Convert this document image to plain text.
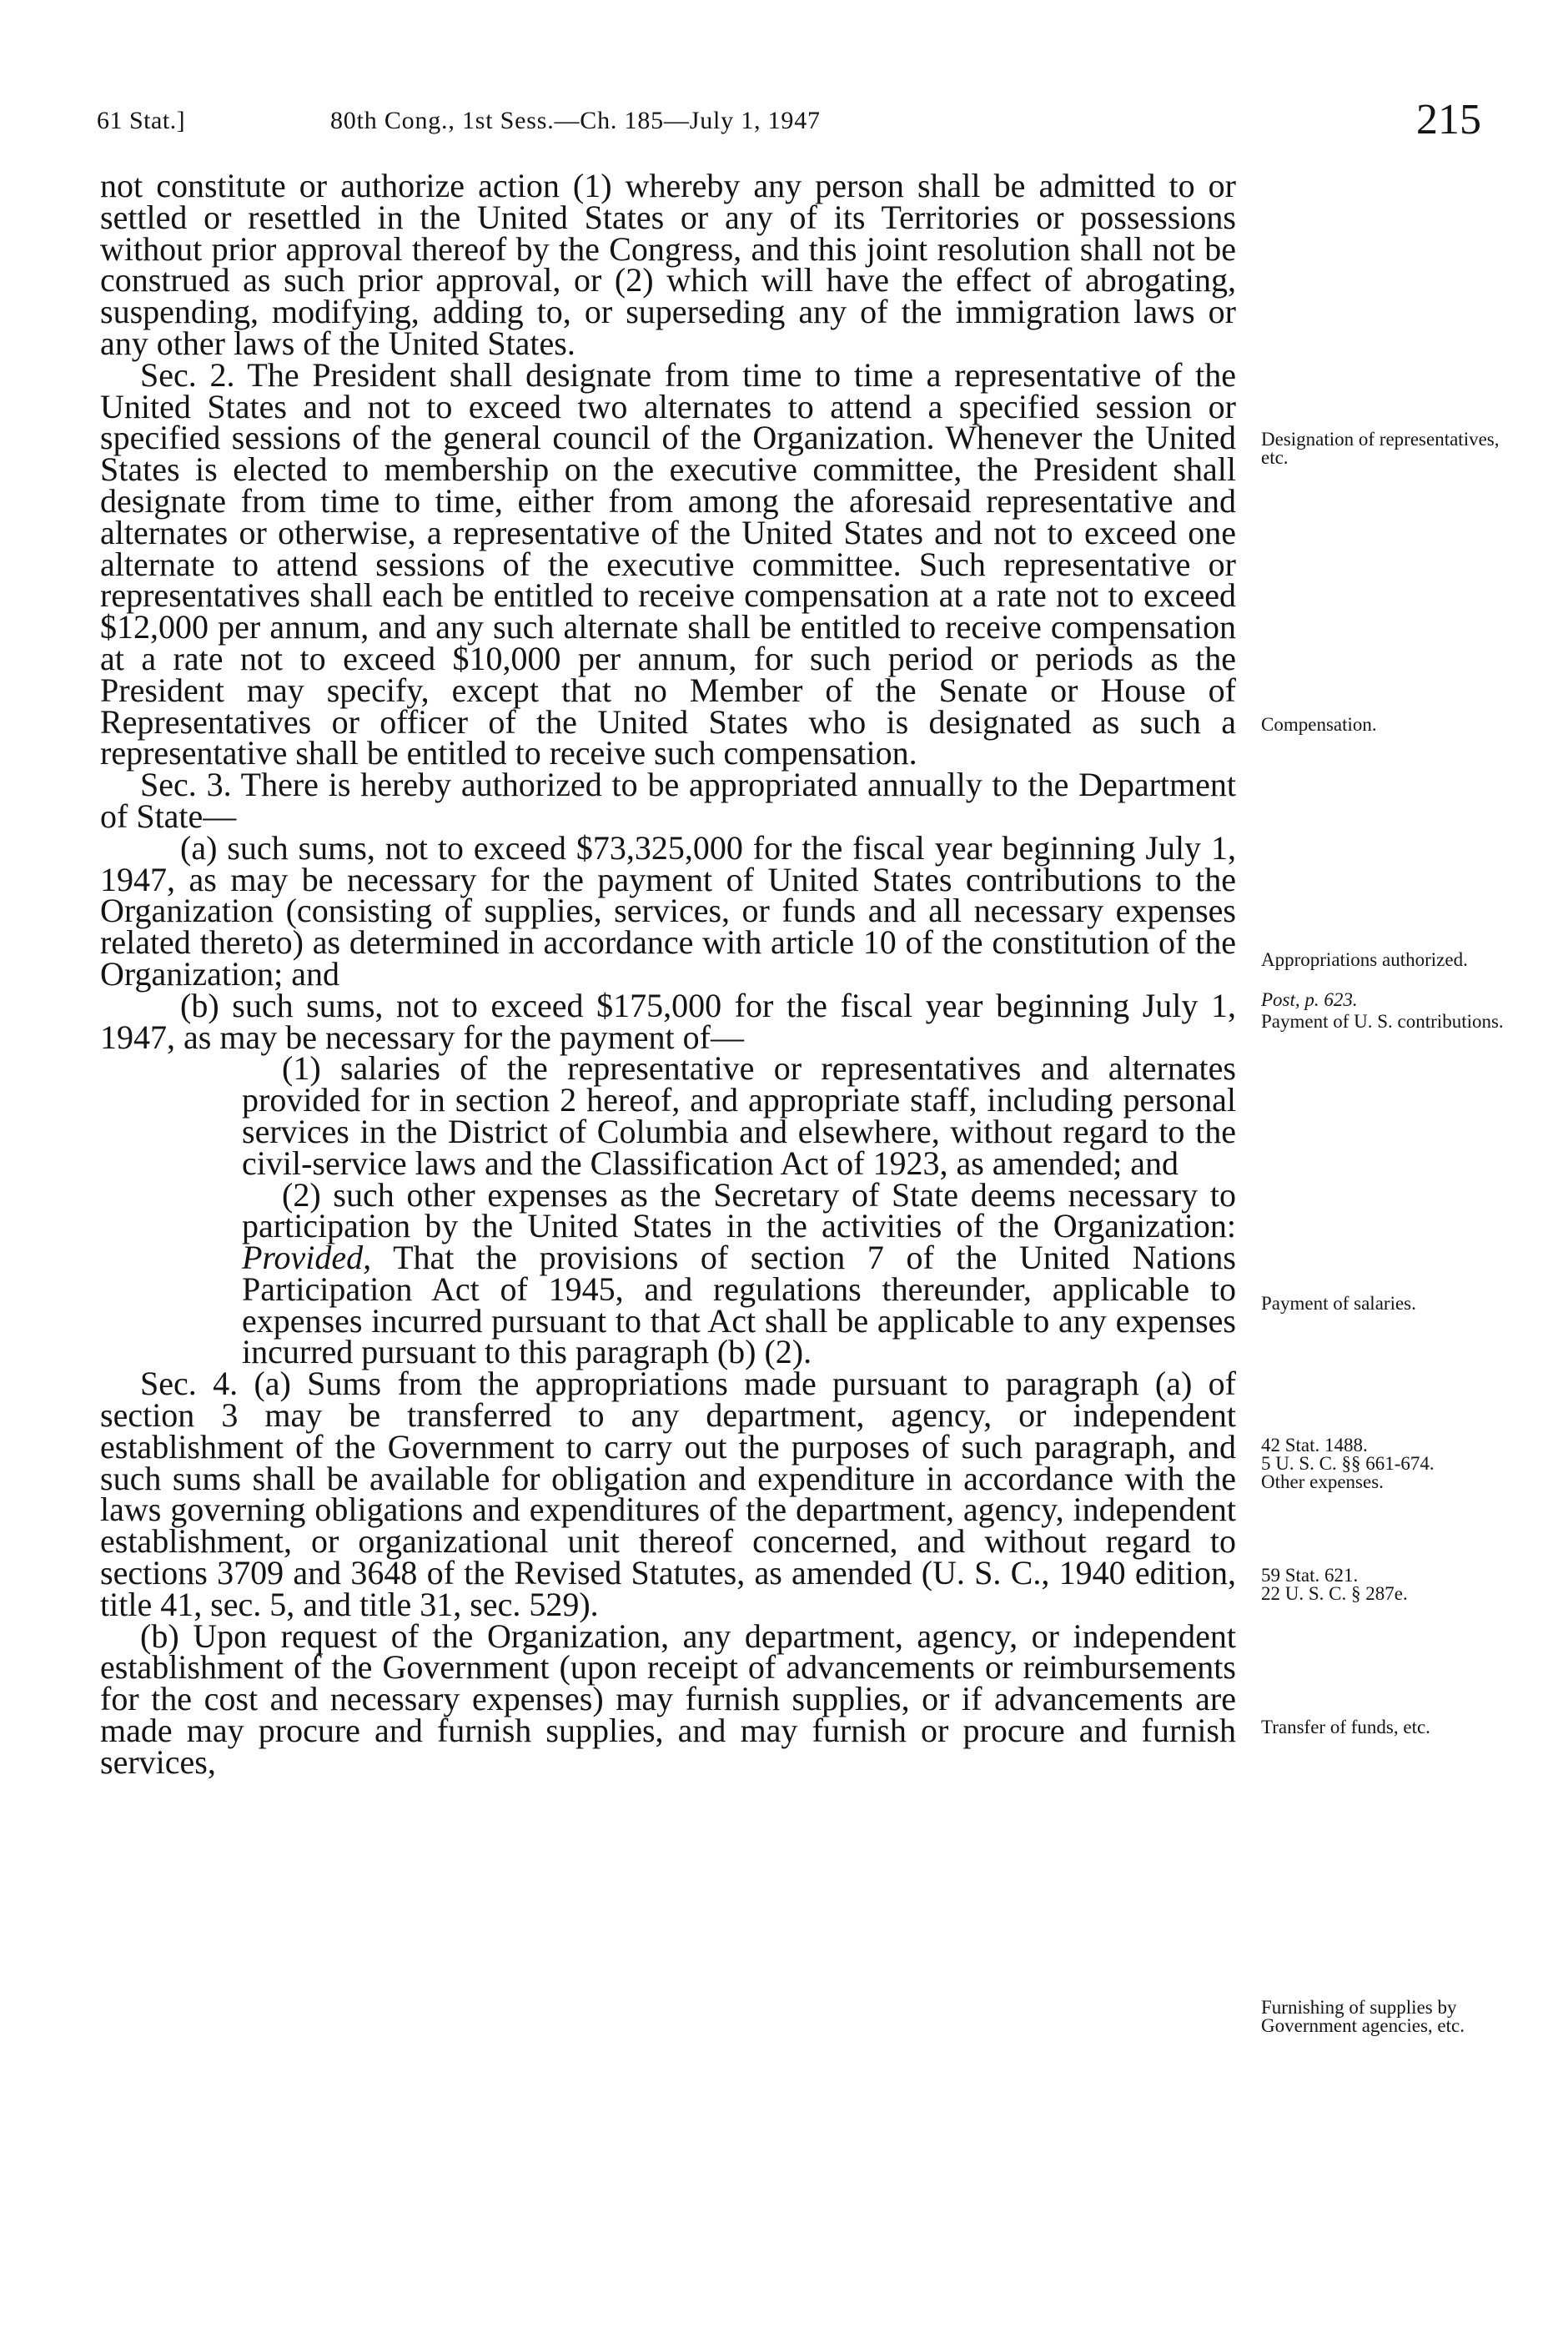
61 Stat.]	80th Cong., 1st Sess.—Ch. 185—July 1, 1947	215

not constitute or authorize action (1) whereby any person shall be admitted to or settled or resettled in the United States or any of its Territories or possessions without prior approval thereof by the Congress, and this joint resolution shall not be construed as such prior approval, or (2) which will have the effect of abrogating, suspending, modifying, adding to, or superseding any of the immigration laws or any other laws of the United States.

Sec. 2. The President shall designate from time to time a representative of the United States and not to exceed two alternates to attend a specified session or specified sessions of the general council of the Organization. Whenever the United States is elected to membership on the executive committee, the President shall designate from time to time, either from among the aforesaid representative and alternates or otherwise, a representative of the United States and not to exceed one alternate to attend sessions of the executive committee. Such representative or representatives shall each be entitled to receive compensation at a rate not to exceed $12,000 per annum, and any such alternate shall be entitled to receive compensation at a rate not to exceed $10,000 per annum, for such period or periods as the President may specify, except that no Member of the Senate or House of Representatives or officer of the United States who is designated as such a representative shall be entitled to receive such compensation.

Sec. 3. There is hereby authorized to be appropriated annually to the Department of State—

(a) such sums, not to exceed $73,325,000 for the fiscal year beginning July 1, 1947, as may be necessary for the payment of United States contributions to the Organization (consisting of supplies, services, or funds and all necessary expenses related thereto) as determined in accordance with article 10 of the constitution of the Organization; and

(b) such sums, not to exceed $175,000 for the fiscal year beginning July 1, 1947, as may be necessary for the payment of—

(1) salaries of the representative or representatives and alternates provided for in section 2 hereof, and appropriate staff, including personal services in the District of Columbia and elsewhere, without regard to the civil-service laws and the Classification Act of 1923, as amended; and

(2) such other expenses as the Secretary of State deems necessary to participation by the United States in the activities of the Organization: Provided, That the provisions of section 7 of the United Nations Participation Act of 1945, and regulations thereunder, applicable to expenses incurred pursuant to that Act shall be applicable to any expenses incurred pursuant to this paragraph (b) (2).

Sec. 4. (a) Sums from the appropriations made pursuant to paragraph (a) of section 3 may be transferred to any department, agency, or independent establishment of the Government to carry out the purposes of such paragraph, and such sums shall be available for obligation and expenditure in accordance with the laws governing obligations and expenditures of the department, agency, independent establishment, or organizational unit thereof concerned, and without regard to sections 3709 and 3648 of the Revised Statutes, as amended (U. S. C., 1940 edition, title 41, sec. 5, and title 31, sec. 529).

(b) Upon request of the Organization, any department, agency, or independent establishment of the Government (upon receipt of advancements or reimbursements for the cost and necessary expenses) may furnish supplies, or if advancements are made may procure and furnish supplies, and may furnish or procure and furnish services,

Designation of representatives, etc.
Compensation.
Appropriations authorized.
Post, p. 623.
Payment of U. S. contributions.
Payment of salaries.
42 Stat. 1488.
5 U. S. C. §§ 661-674.
Other expenses.
59 Stat. 621.
22 U. S. C. § 287e.
Transfer of funds, etc.
Furnishing of supplies by Government agencies, etc.
